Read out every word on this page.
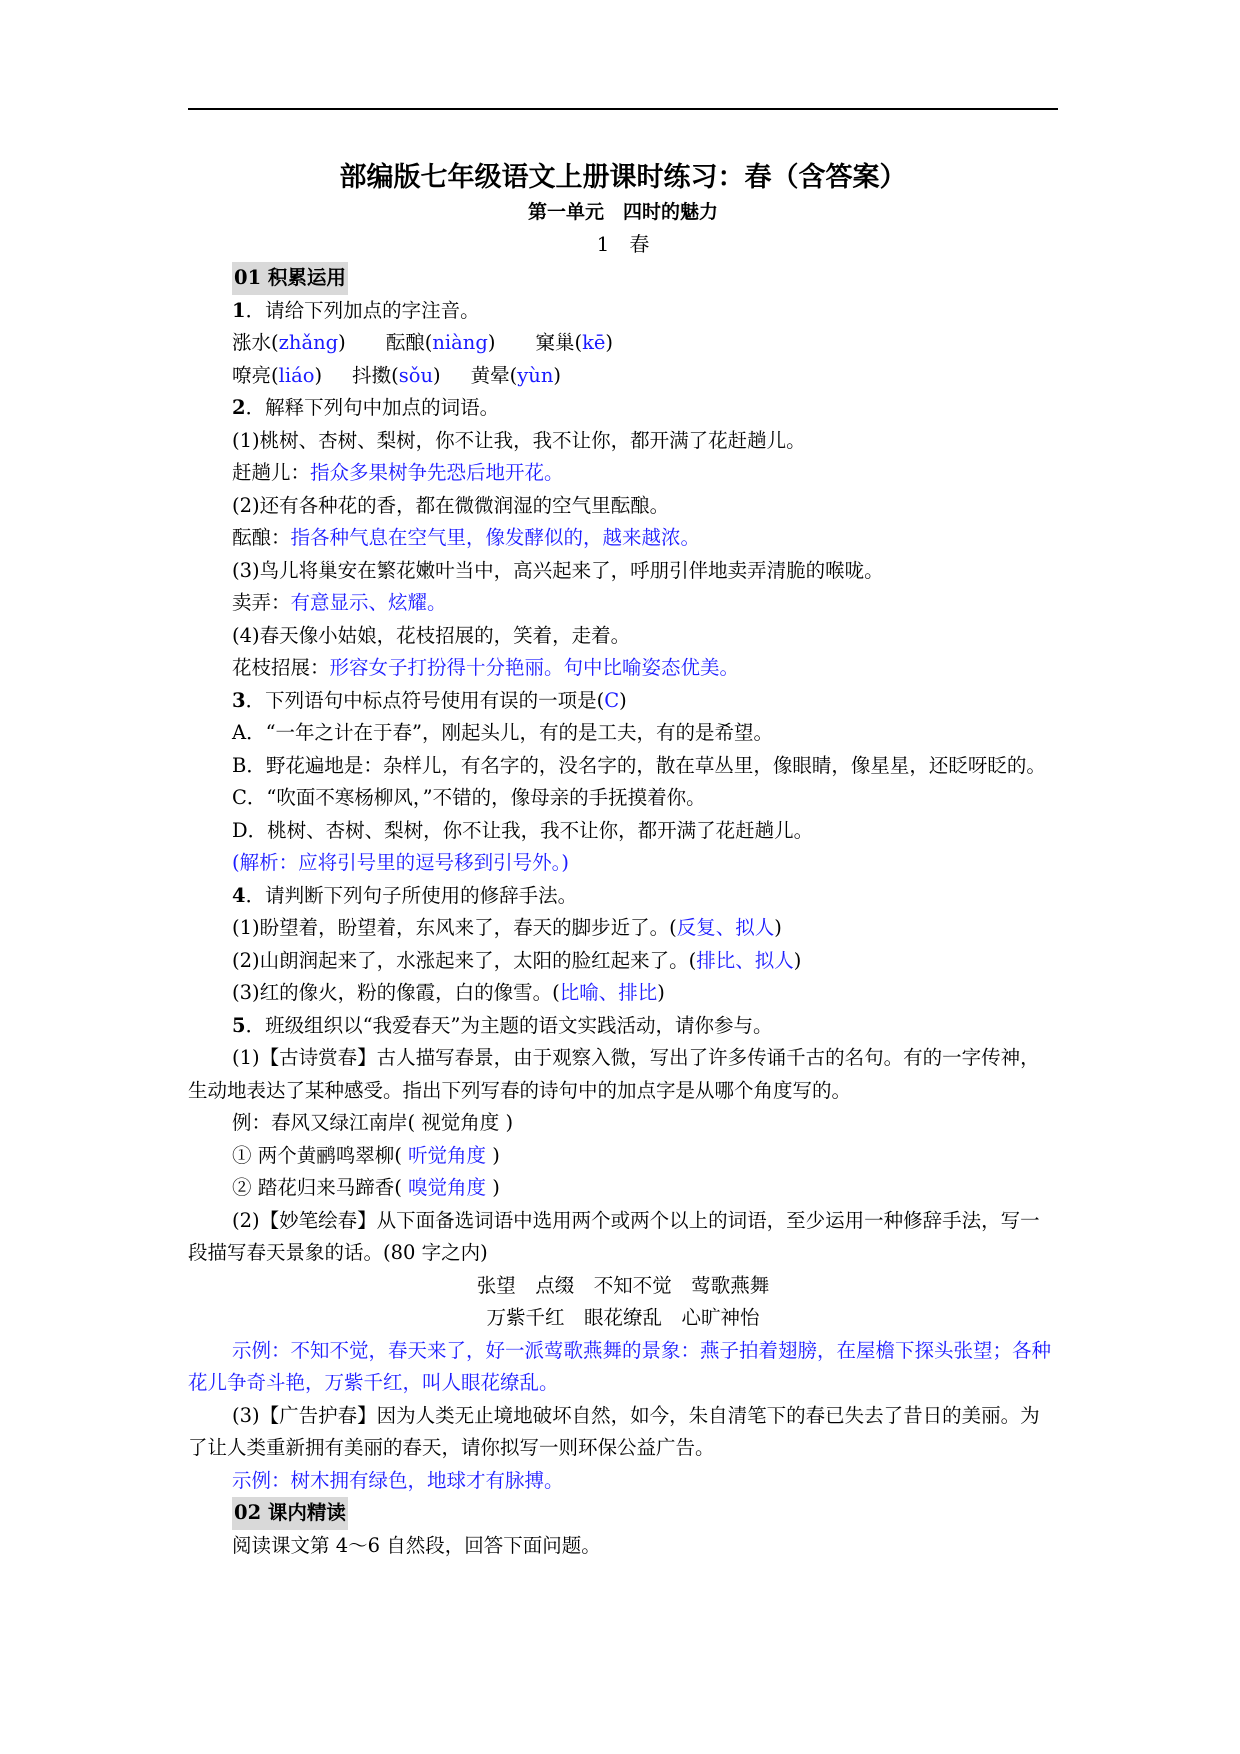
部编版七年级语文上册课时练习：春（含答案）

第一单元　四时的魅力

1　春

01 积累运用

1．请给下列加点的字注音。

涨水(zhǎng) 酝酿(niàng) 窠巢(kē)

嘹亮(liáo) 抖擞(sǒu) 黄晕(yùn)

2．解释下列句中加点的词语。

(1)桃树、杏树、梨树，你不让我，我不让你，都开满了花赶趟儿。

赶趟儿：指众多果树争先恐后地开花。

(2)还有各种花的香，都在微微润湿的空气里酝酿。

酝酿：指各种气息在空气里，像发酵似的，越来越浓。

(3)鸟儿将巢安在繁花嫩叶当中，高兴起来了，呼朋引伴地卖弄清脆的喉咙。

卖弄：有意显示、炫耀。

(4)春天像小姑娘，花枝招展的，笑着，走着。

花枝招展：形容女子打扮得十分艳丽。句中比喻姿态优美。

3．下列语句中标点符号使用有误的一项是(C)

A．“一年之计在于春”，刚起头儿，有的是工夫，有的是希望。

B．野花遍地是：杂样儿，有名字的，没名字的，散在草丛里，像眼睛，像星星，还眨呀眨的。

C．“吹面不寒杨柳风，”不错的，像母亲的手抚摸着你。

D．桃树、杏树、梨树，你不让我，我不让你，都开满了花赶趟儿。

(解析：应将引号里的逗号移到引号外。)

4．请判断下列句子所使用的修辞手法。

(1)盼望着，盼望着，东风来了，春天的脚步近了。(反复、拟人)

(2)山朗润起来了，水涨起来了，太阳的脸红起来了。(排比、拟人)

(3)红的像火，粉的像霞，白的像雪。(比喻、排比)

5．班级组织以“我爱春天”为主题的语文实践活动，请你参与。

(1)【古诗赏春】古人描写春景，由于观察入微，写出了许多传诵千古的名句。有的一字传神，生动地表达了某种感受。指出下列写春的诗句中的加点字是从哪个角度写的。

例：春风又绿江南岸( 视觉角度 )

① 两个黄鹂鸣翠柳( 听觉角度 )

② 踏花归来马蹄香( 嗅觉角度 )

(2)【妙笔绘春】从下面备选词语中选用两个或两个以上的词语，至少运用一种修辞手法，写一段描写春天景象的话。(80 字之内)

张望　点缀　不知不觉　莺歌燕舞

万紫千红　眼花缭乱　心旷神怡

示例：不知不觉，春天来了，好一派莺歌燕舞的景象：燕子拍着翅膀，在屋檐下探头张望；各种花儿争奇斗艳，万紫千红，叫人眼花缭乱。

(3)【广告护春】因为人类无止境地破坏自然，如今，朱自清笔下的春已失去了昔日的美丽。为了让人类重新拥有美丽的春天，请你拟写一则环保公益广告。

示例：树木拥有绿色，地球才有脉搏。

02 课内精读

阅读课文第 4～6 自然段，回答下面问题。
